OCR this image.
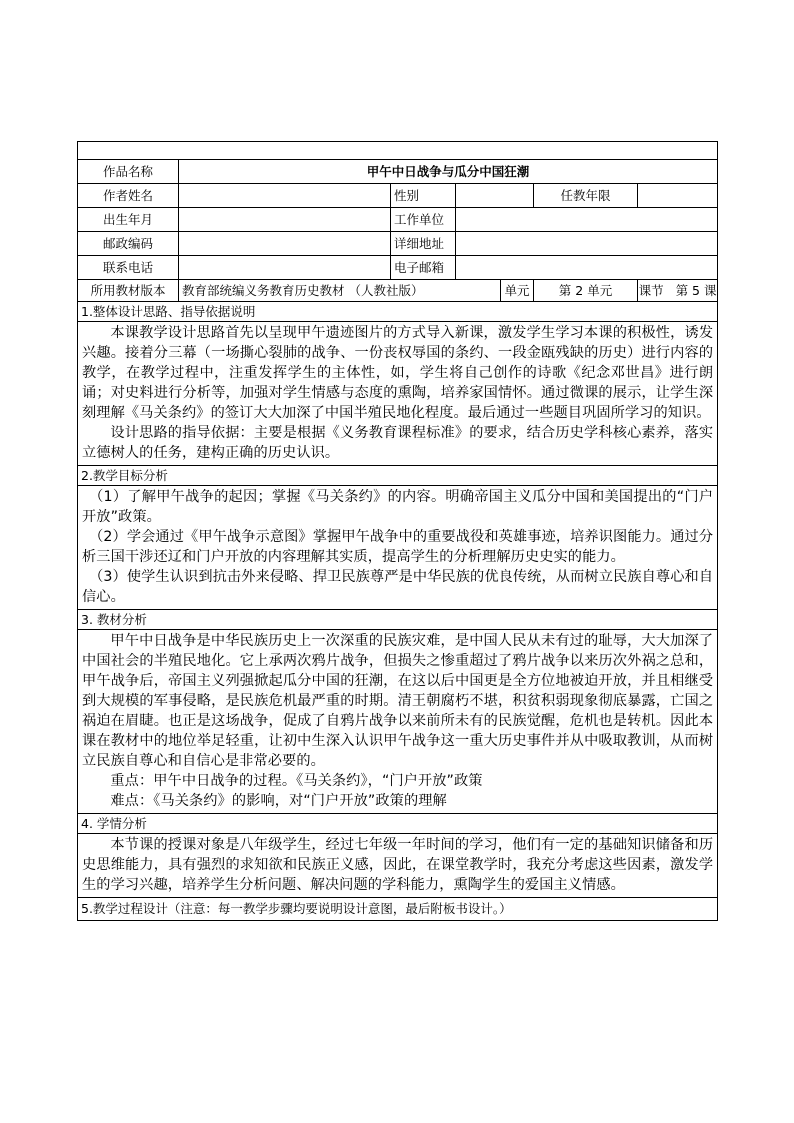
作品名称	甲午中日战争与瓜分中国狂潮					
作者姓名		性别			任教年限	
出生年月		工作单位				
邮政编码		详细地址				
联系电话		电子邮箱				
所用教材版本	教育部统编义务教育历史教材 （人教社版）			单元	第 2 单元	课节 第 5 课
1.整体设计思路、指导依据说明						

本课教学设计思路首先以呈现甲午遗迹图片的方式导入新课，激发学生学习本课的积极性，诱发兴趣。接着分三幕（一场撕心裂肺的战争、一份丧权辱国的条约、一段金瓯残缺的历史）进行内容的教学，在教学过程中，注重发挥学生的主体性，如，学生将自己创作的诗歌《纪念邓世昌》进行朗诵；对史料进行分析等，加强对学生情感与态度的熏陶，培养家国情怀。通过微课的展示，让学生深刻理解《马关条约》的签订大大加深了中国半殖民地化程度。最后通过一些题目巩固所学习的知识。

设计思路的指导依据：主要是根据《义务教育课程标准》的要求，结合历史学科核心素养，落实立德树人的任务，建构正确的历史认识。						

2.教学目标分析						

（1）了解甲午战争的起因；掌握《马关条约》的内容。明确帝国主义瓜分中国和美国提出的“门户开放”政策。

（2）学会通过《甲午战争示意图》掌握甲午战争中的重要战役和英雄事迹，培养识图能力。通过分析三国干涉还辽和门户开放的内容理解其实质，提高学生的分析理解历史史实的能力。

（3）使学生认识到抗击外来侵略、捍卫民族尊严是中华民族的优良传统，从而树立民族自尊心和自信心。						

3. 教材分析						

甲午中日战争是中华民族历史上一次深重的民族灾难，是中国人民从未有过的耻辱，大大加深了中国社会的半殖民地化。它上承两次鸦片战争，但损失之惨重超过了鸦片战争以来历次外祸之总和，甲午战争后，帝国主义列强掀起瓜分中国的狂潮，在这以后中国更是全方位地被迫开放，并且相继受到大规模的军事侵略，是民族危机最严重的时期。清王朝腐朽不堪，积贫积弱现象彻底暴露，亡国之祸迫在眉睫。也正是这场战争，促成了自鸦片战争以来前所未有的民族觉醒，危机也是转机。因此本课在教材中的地位举足轻重，让初中生深入认识甲午战争这一重大历史事件并从中吸取教训，从而树立民族自尊心和自信心是非常必要的。

重点：甲午中日战争的过程。《马关条约》，“门户开放”政策

难点：《马关条约》的影响，对“门户开放”政策的理解						

4. 学情分析						

本节课的授课对象是八年级学生，经过七年级一年时间的学习，他们有一定的基础知识储备和历史思维能力，具有强烈的求知欲和民族正义感，因此，在课堂教学时，我充分考虑这些因素，激发学生的学习兴趣，培养学生分析问题、解决问题的学科能力，熏陶学生的爱国主义情感。						

5.教学过程设计（注意：每一教学步骤均要说明设计意图，最后附板书设计。）						
